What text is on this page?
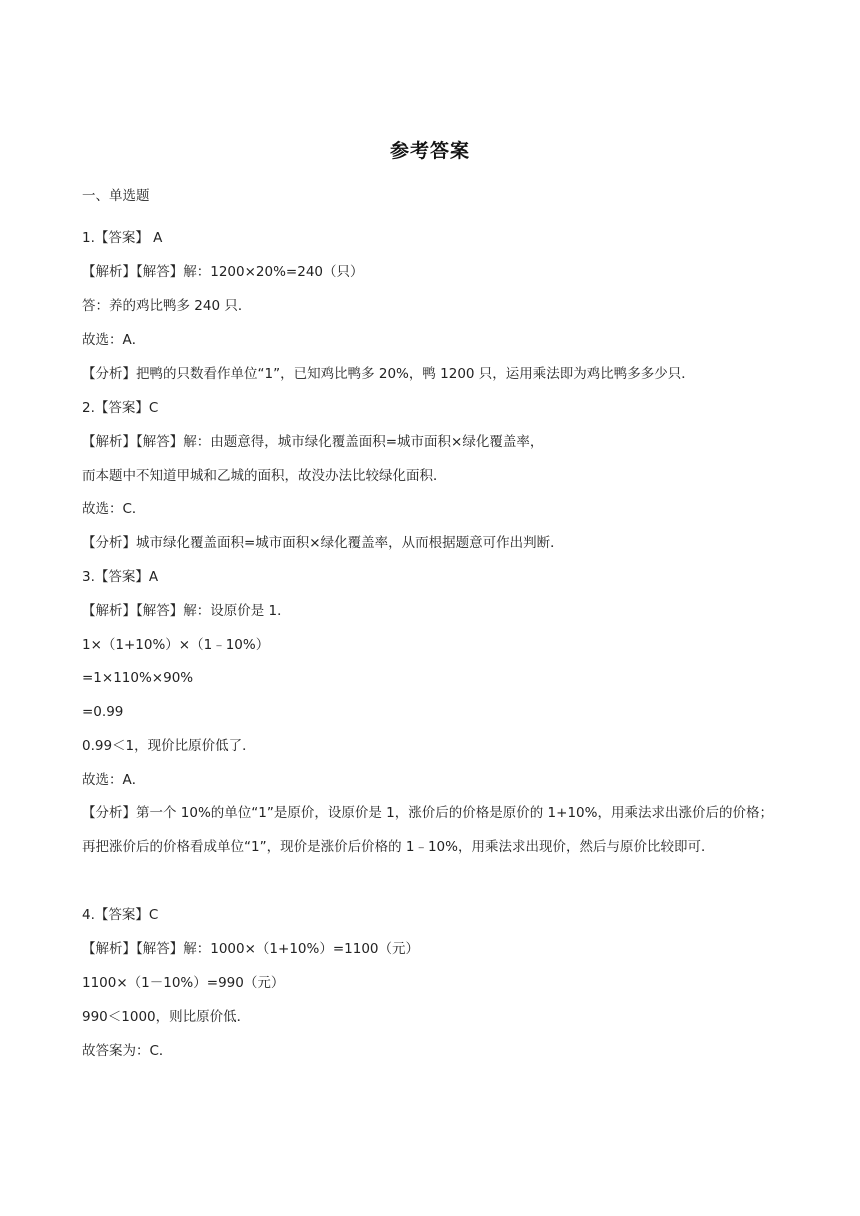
参考答案
一、单选题
1.【答案】 A
【解析】【解答】解：1200×20%=240（只）
答：养的鸡比鸭多 240 只．
故选：A．
【分析】把鸭的只数看作单位“1”，已知鸡比鸭多 20%，鸭 1200 只，运用乘法即为鸡比鸭多多少只．
2.【答案】C
【解析】【解答】解：由题意得，城市绿化覆盖面积=城市面积×绿化覆盖率，
而本题中不知道甲城和乙城的面积，故没办法比较绿化面积．
故选：C．
【分析】城市绿化覆盖面积=城市面积×绿化覆盖率，从而根据题意可作出判断．
3.【答案】A
【解析】【解答】解：设原价是 1．
1×（1+10%）×（1﹣10%）
=1×110%×90%
=0.99
0.99＜1，现价比原价低了．
故选：A．
【分析】第一个 10%的单位“1”是原价，设原价是 1，涨价后的价格是原价的 1+10%，用乘法求出涨价后的价格；再把涨价后的价格看成单位“1”，现价是涨价后价格的 1﹣10%，用乘法求出现价，然后与原价比较即可．
4.【答案】C
【解析】【解答】解：1000×（1+10%）=1100（元）
1100×（1－10%）=990（元）
990＜1000，则比原价低．
故答案为：C．
